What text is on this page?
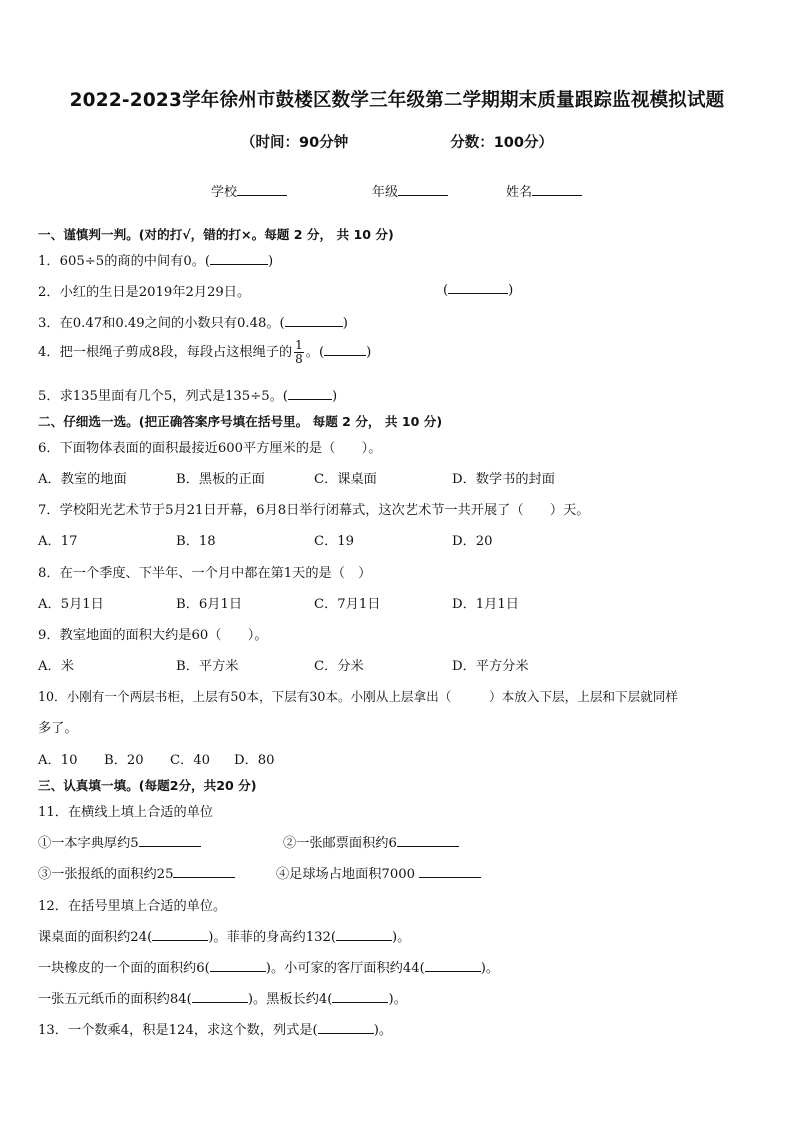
2022-2023学年徐州市鼓楼区数学三年级第二学期期末质量跟踪监视模拟试题
（时间：90分钟	分数：100分）
学校	年级	姓名
一、谨慎判一判。(对的打√，错的打×。每题 2 分， 共 10 分)
1．605÷5的商的中间有0。(	)
2．小红的生日是2019年2月29日。	(	)
3．在0.47和0.49之间的小数只有0.48。(	)
4．把一根绳子剪成8段，每段占这根绳子的 $\frac{1}{8}$ 。(	)
5．求135里面有几个5，列式是135÷5。(	)
二、仔细选一选。(把正确答案序号填在括号里。 每题 2 分， 共 10 分)
6．下面物体表面的面积最接近600平方厘米的是（　　）。
A．教室的地面	B．黑板的正面	C．课桌面	D．数学书的封面
7．学校阳光艺术节于5月21日开幕，6月8日举行闭幕式，这次艺术节一共开展了（　　）天。
A．17	B．18	C．19	D．20
8．在一个季度、下半年、一个月中都在第1天的是（　）
A．5月1日	B．6月1日	C．7月1日	D．1月1日
9．教室地面的面积大约是60（　　）。
A．米	B．平方米	C．分米	D．平方分米
10．小刚有一个两层书柜，上层有50本，下层有30本。小刚从上层拿出（　　　）本放入下层，上层和下层就同样
多了。
A．10 B．20 C．40 D．80
三、认真填一填。(每题2分，共20 分)
11．在横线上填上合适的单位
①一本字典厚约5	②一张邮票面积约6
③一张报纸的面积约25	④足球场占地面积7000
12．在括号里填上合适的单位。
课桌面的面积约24(	)。菲菲的身高约132(	)。
一块橡皮的一个面的面积约6(	)。小可家的客厅面积约44(	)。
一张五元纸币的面积约84(	)。黑板长约4(	)。
13．一个数乘4，积是124，求这个数，列式是(	)。
